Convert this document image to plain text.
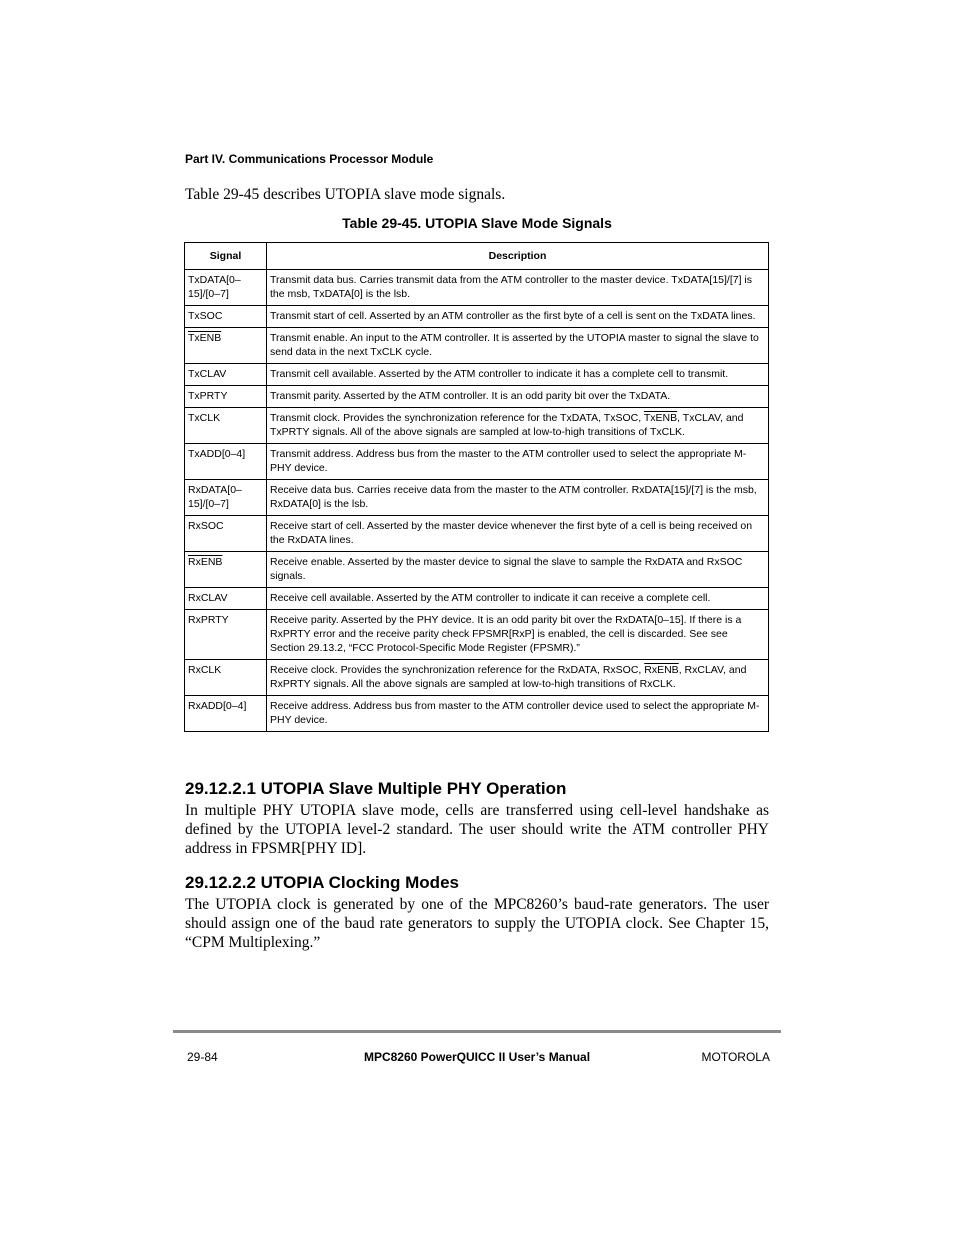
Part IV. Communications Processor Module
Table 29-45 describes UTOPIA slave mode signals.
Table 29-45. UTOPIA Slave Mode Signals
Signal	Description
TxDATA[0–15]/[0–7]	Transmit data bus. Carries transmit data from the ATM controller to the master device. TxDATA[15]/[7] is the msb, TxDATA[0] is the lsb.
TxSOC	Transmit start of cell. Asserted by an ATM controller as the first byte of a cell is sent on the TxDATA lines.
TxENB	Transmit enable. An input to the ATM controller. It is asserted by the UTOPIA master to signal the slave to send data in the next TxCLK cycle.
TxCLAV	Transmit cell available. Asserted by the ATM controller to indicate it has a complete cell to transmit.
TxPRTY	Transmit parity. Asserted by the ATM controller. It is an odd parity bit over the TxDATA.
TxCLK	Transmit clock. Provides the synchronization reference for the TxDATA, TxSOC, TxENB, TxCLAV, and TxPRTY signals. All of the above signals are sampled at low-to-high transitions of TxCLK.
TxADD[0–4]	Transmit address. Address bus from the master to the ATM controller used to select the appropriate M-PHY device.
RxDATA[0–15]/[0–7]	Receive data bus. Carries receive data from the master to the ATM controller. RxDATA[15]/[7] is the msb, RxDATA[0] is the lsb.
RxSOC	Receive start of cell. Asserted by the master device whenever the first byte of a cell is being received on the RxDATA lines.
RxENB	Receive enable. Asserted by the master device to signal the slave to sample the RxDATA and RxSOC signals.
RxCLAV	Receive cell available. Asserted by the ATM controller to indicate it can receive a complete cell.
RxPRTY	Receive parity. Asserted by the PHY device. It is an odd parity bit over the RxDATA[0–15]. If there is a RxPRTY error and the receive parity check FPSMR[RxP] is enabled, the cell is discarded. See see Section 29.13.2, “FCC Protocol-Specific Mode Register (FPSMR).”
RxCLK	Receive clock. Provides the synchronization reference for the RxDATA, RxSOC, RxENB, RxCLAV, and RxPRTY signals. All the above signals are sampled at low-to-high transitions of RxCLK.
RxADD[0–4]	Receive address. Address bus from master to the ATM controller device used to select the appropriate M-PHY device.
29.12.2.1 UTOPIA Slave Multiple PHY Operation

In multiple PHY UTOPIA slave mode, cells are transferred using cell-level handshake as defined by the UTOPIA level-2 standard. The user should write the ATM controller PHY address in FPSMR[PHY ID].

29.12.2.2 UTOPIA Clocking Modes

The UTOPIA clock is generated by one of the MPC8260’s baud-rate generators. The user should assign one of the baud rate generators to supply the UTOPIA clock. See Chapter 15, “CPM Multiplexing.”

29-84	MPC8260 PowerQUICC II User’s Manual	MOTOROLA
